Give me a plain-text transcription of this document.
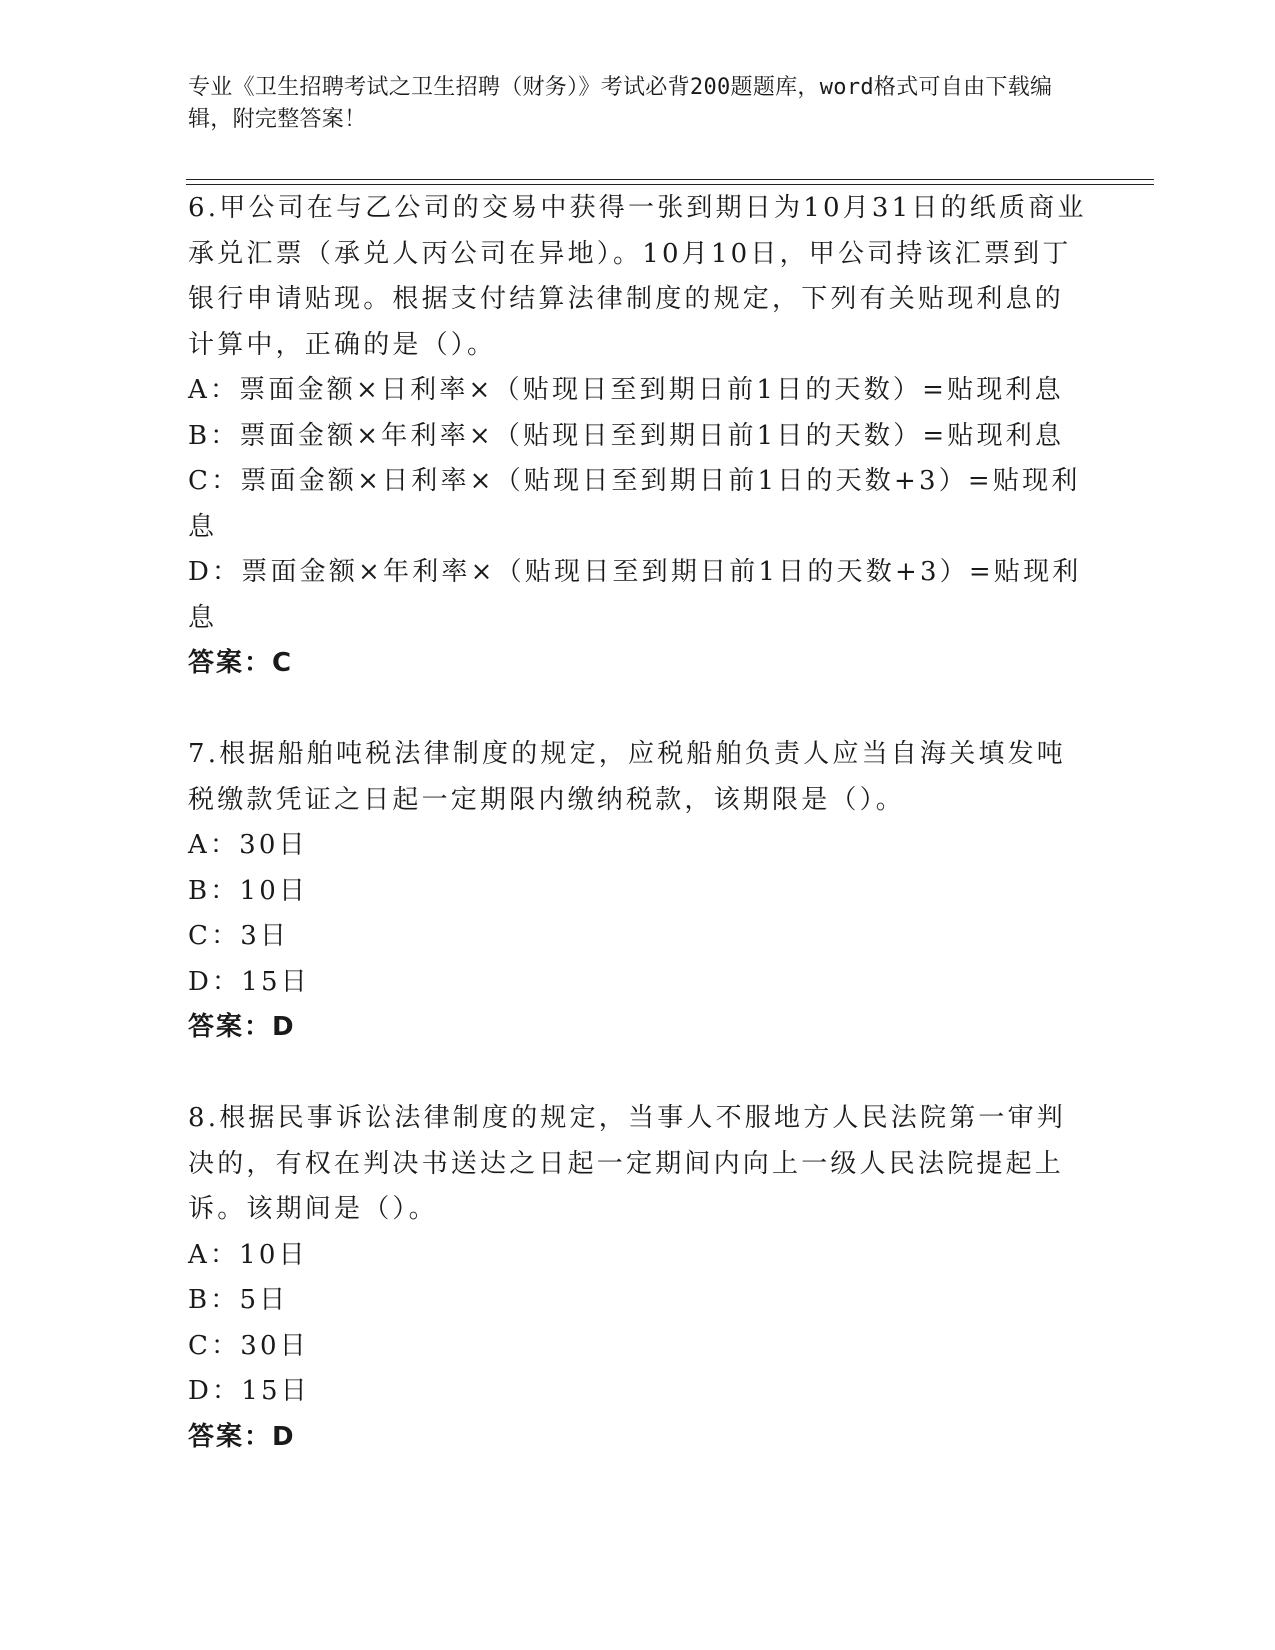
专业《卫生招聘考试之卫生招聘（财务）》考试必背200题题库，word格式可自由下载编辑，附完整答案！

6.甲公司在与乙公司的交易中获得一张到期日为10月31日的纸质商业承兑汇票（承兑人丙公司在异地）。10月10日，甲公司持该汇票到丁银行申请贴现。根据支付结算法律制度的规定，下列有关贴现利息的计算中，正确的是（）。

A：票面金额×日利率×（贴现日至到期日前1日的天数）=贴现利息

B：票面金额×年利率×（贴现日至到期日前1日的天数）=贴现利息

C：票面金额×日利率×（贴现日至到期日前1日的天数+3）=贴现利息

D：票面金额×年利率×（贴现日至到期日前1日的天数+3）=贴现利息

答案：C

7.根据船舶吨税法律制度的规定，应税船舶负责人应当自海关填发吨税缴款凭证之日起一定期限内缴纳税款，该期限是（）。

A：30日

B：10日

C：3日

D：15日

答案：D

8.根据民事诉讼法律制度的规定，当事人不服地方人民法院第一审判决的，有权在判决书送达之日起一定期间内向上一级人民法院提起上诉。该期间是（）。

A：10日

B：5日

C：30日

D：15日

答案：D
